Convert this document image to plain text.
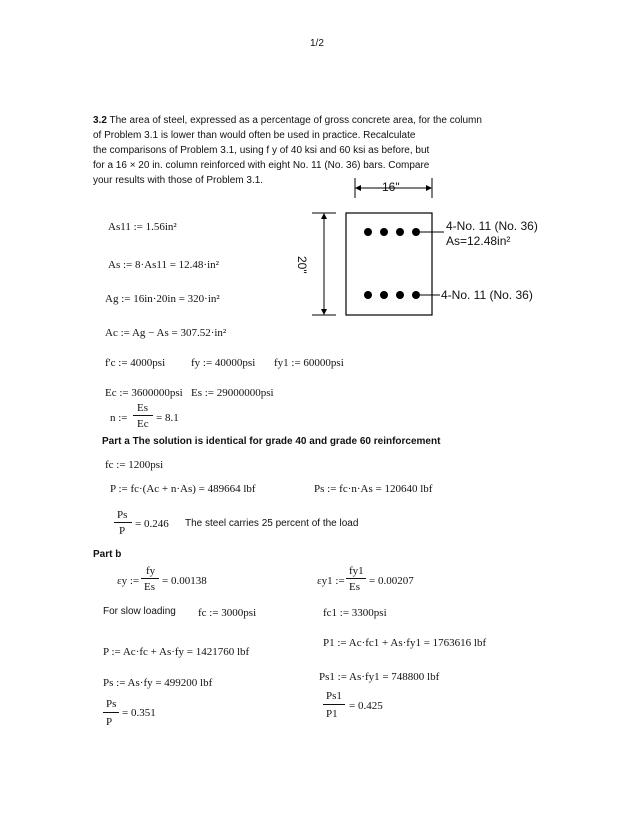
1/2
3.2 The area of steel, expressed as a percentage of gross concrete area, for the column
of Problem 3.1 is lower than would often be used in practice. Recalculate
the comparisons of Problem 3.1, using f y of 40 ksi and 60 ksi as before, but
for a 16 × 20 in. column reinforced with eight No. 11 (No. 36) bars. Compare
your results with those of Problem 3.1.	16"
20"
4-No. 11 (No. 36)
As=12.48in²
4-No. 11 (No. 36)
As11 := 1.56in²
As := 8·As11 = 12.48·in²
Ag := 16in·20in = 320·in²
Ac := Ag − As = 307.52·in²
f'c := 4000psi fy := 40000psi fy1 := 60000psi
Ec := 3600000psi Es := 29000000psi
n :=
Es
Ec = 8.1
Part a The solution is identical for grade 40 and grade 60 reinforcement
fc := 1200psi
P := fc·(Ac + n·As) = 489664 lbf	Ps := fc·n·As = 120640 lbf
Ps
P
= 0.246 The steel carries 25 percent of the load
Part b
εy :=
fy
Es = 0.00138	εy1 :=
fy1
Es = 0.00207
For slow loading fc := 3000psi	fc1 := 3300psi
P1 := Ac·fc1 + As·fy1 = 1763616 lbf
P := Ac·fc + As·fy = 1421760 lbf
Ps1 := As·fy1 = 748800 lbf
Ps := As·fy = 499200 lbf
Ps
P
= 0.351
Ps1
P1
= 0.425
